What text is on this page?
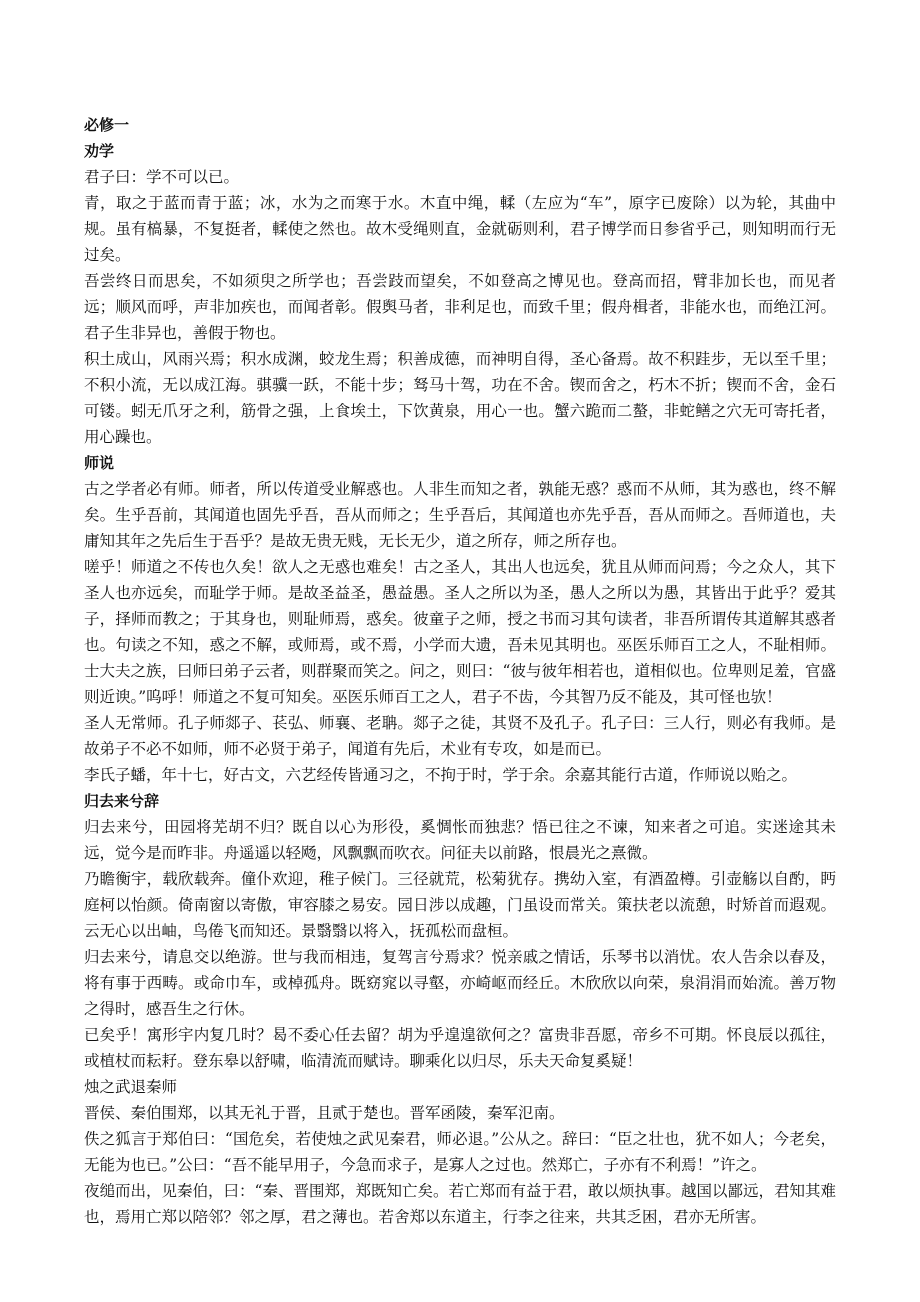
必修一

劝学

君子曰：学不可以已。

青，取之于蓝而青于蓝；冰，水为之而寒于水。木直中绳，輮（左应为“车”，原字已废除）以为轮，其曲中规。虽有槁暴，不复挺者，輮使之然也。故木受绳则直，金就砺则利，君子博学而日参省乎己，则知明而行无过矣。

吾尝终日而思矣，不如须臾之所学也；吾尝跂而望矣，不如登高之博见也。登高而招，臂非加长也，而见者远；顺风而呼，声非加疾也，而闻者彰。假舆马者，非利足也，而致千里；假舟楫者，非能水也，而绝江河。君子生非异也，善假于物也。

积土成山，风雨兴焉；积水成渊，蛟龙生焉；积善成德，而神明自得，圣心备焉。故不积跬步，无以至千里；不积小流，无以成江海。骐骥一跃，不能十步；驽马十驾，功在不舍。锲而舍之，朽木不折；锲而不舍，金石可镂。蚓无爪牙之利，筋骨之强，上食埃土，下饮黄泉，用心一也。蟹六跪而二螯，非蛇鳝之穴无可寄托者，用心躁也。

师说

古之学者必有师。师者，所以传道受业解惑也。人非生而知之者，孰能无惑？惑而不从师，其为惑也，终不解矣。生乎吾前，其闻道也固先乎吾，吾从而师之；生乎吾后，其闻道也亦先乎吾，吾从而师之。吾师道也，夫庸知其年之先后生于吾乎？是故无贵无贱，无长无少，道之所存，师之所存也。

嗟乎！师道之不传也久矣！欲人之无惑也难矣！古之圣人，其出人也远矣，犹且从师而问焉；今之众人，其下圣人也亦远矣，而耻学于师。是故圣益圣，愚益愚。圣人之所以为圣，愚人之所以为愚，其皆出于此乎？爱其子，择师而教之；于其身也，则耻师焉，惑矣。彼童子之师，授之书而习其句读者，非吾所谓传其道解其惑者也。句读之不知，惑之不解，或师焉，或不焉，小学而大遗，吾未见其明也。巫医乐师百工之人，不耻相师。士大夫之族，曰师曰弟子云者，则群聚而笑之。问之，则曰：“彼与彼年相若也，道相似也。位卑则足羞，官盛则近谀。”呜呼！师道之不复可知矣。巫医乐师百工之人，君子不齿，今其智乃反不能及，其可怪也欤！

圣人无常师。孔子师郯子、苌弘、师襄、老聃。郯子之徒，其贤不及孔子。孔子曰：三人行，则必有我师。是故弟子不必不如师，师不必贤于弟子，闻道有先后，术业有专攻，如是而已。

李氏子蟠，年十七，好古文，六艺经传皆通习之，不拘于时，学于余。余嘉其能行古道，作师说以贻之。

归去来兮辞

归去来兮，田园将芜胡不归？既自以心为形役，奚惆怅而独悲？悟已往之不谏，知来者之可追。实迷途其未远，觉今是而昨非。舟遥遥以轻飏，风飘飘而吹衣。问征夫以前路，恨晨光之熹微。

乃瞻衡宇，载欣载奔。僮仆欢迎，稚子候门。三径就荒，松菊犹存。携幼入室，有酒盈樽。引壶觞以自酌，眄庭柯以怡颜。倚南窗以寄傲，审容膝之易安。园日涉以成趣，门虽设而常关。策扶老以流憩，时矫首而遐观。云无心以出岫，鸟倦飞而知还。景翳翳以将入，抚孤松而盘桓。

归去来兮，请息交以绝游。世与我而相违，复驾言兮焉求？悦亲戚之情话，乐琴书以消忧。农人告余以春及，将有事于西畴。或命巾车，或棹孤舟。既窈窕以寻壑，亦崎岖而经丘。木欣欣以向荣，泉涓涓而始流。善万物之得时，感吾生之行休。

已矣乎！寓形宇内复几时？曷不委心任去留？胡为乎遑遑欲何之？富贵非吾愿，帝乡不可期。怀良辰以孤往，或植杖而耘耔。登东皋以舒啸，临清流而赋诗。聊乘化以归尽，乐夫天命复奚疑！

烛之武退秦师

晋侯、秦伯围郑，以其无礼于晋，且贰于楚也。晋军函陵，秦军氾南。

佚之狐言于郑伯曰：“国危矣，若使烛之武见秦君，师必退。”公从之。辞曰：“臣之壮也，犹不如人；今老矣，无能为也已。”公曰：“吾不能早用子，今急而求子，是寡人之过也。然郑亡，子亦有不利焉！”许之。

夜缒而出，见秦伯，曰：“秦、晋围郑，郑既知亡矣。若亡郑而有益于君，敢以烦执事。越国以鄙远，君知其难也，焉用亡郑以陪邻？邻之厚，君之薄也。若舍郑以东道主，行李之往来，共其乏困，君亦无所害。
